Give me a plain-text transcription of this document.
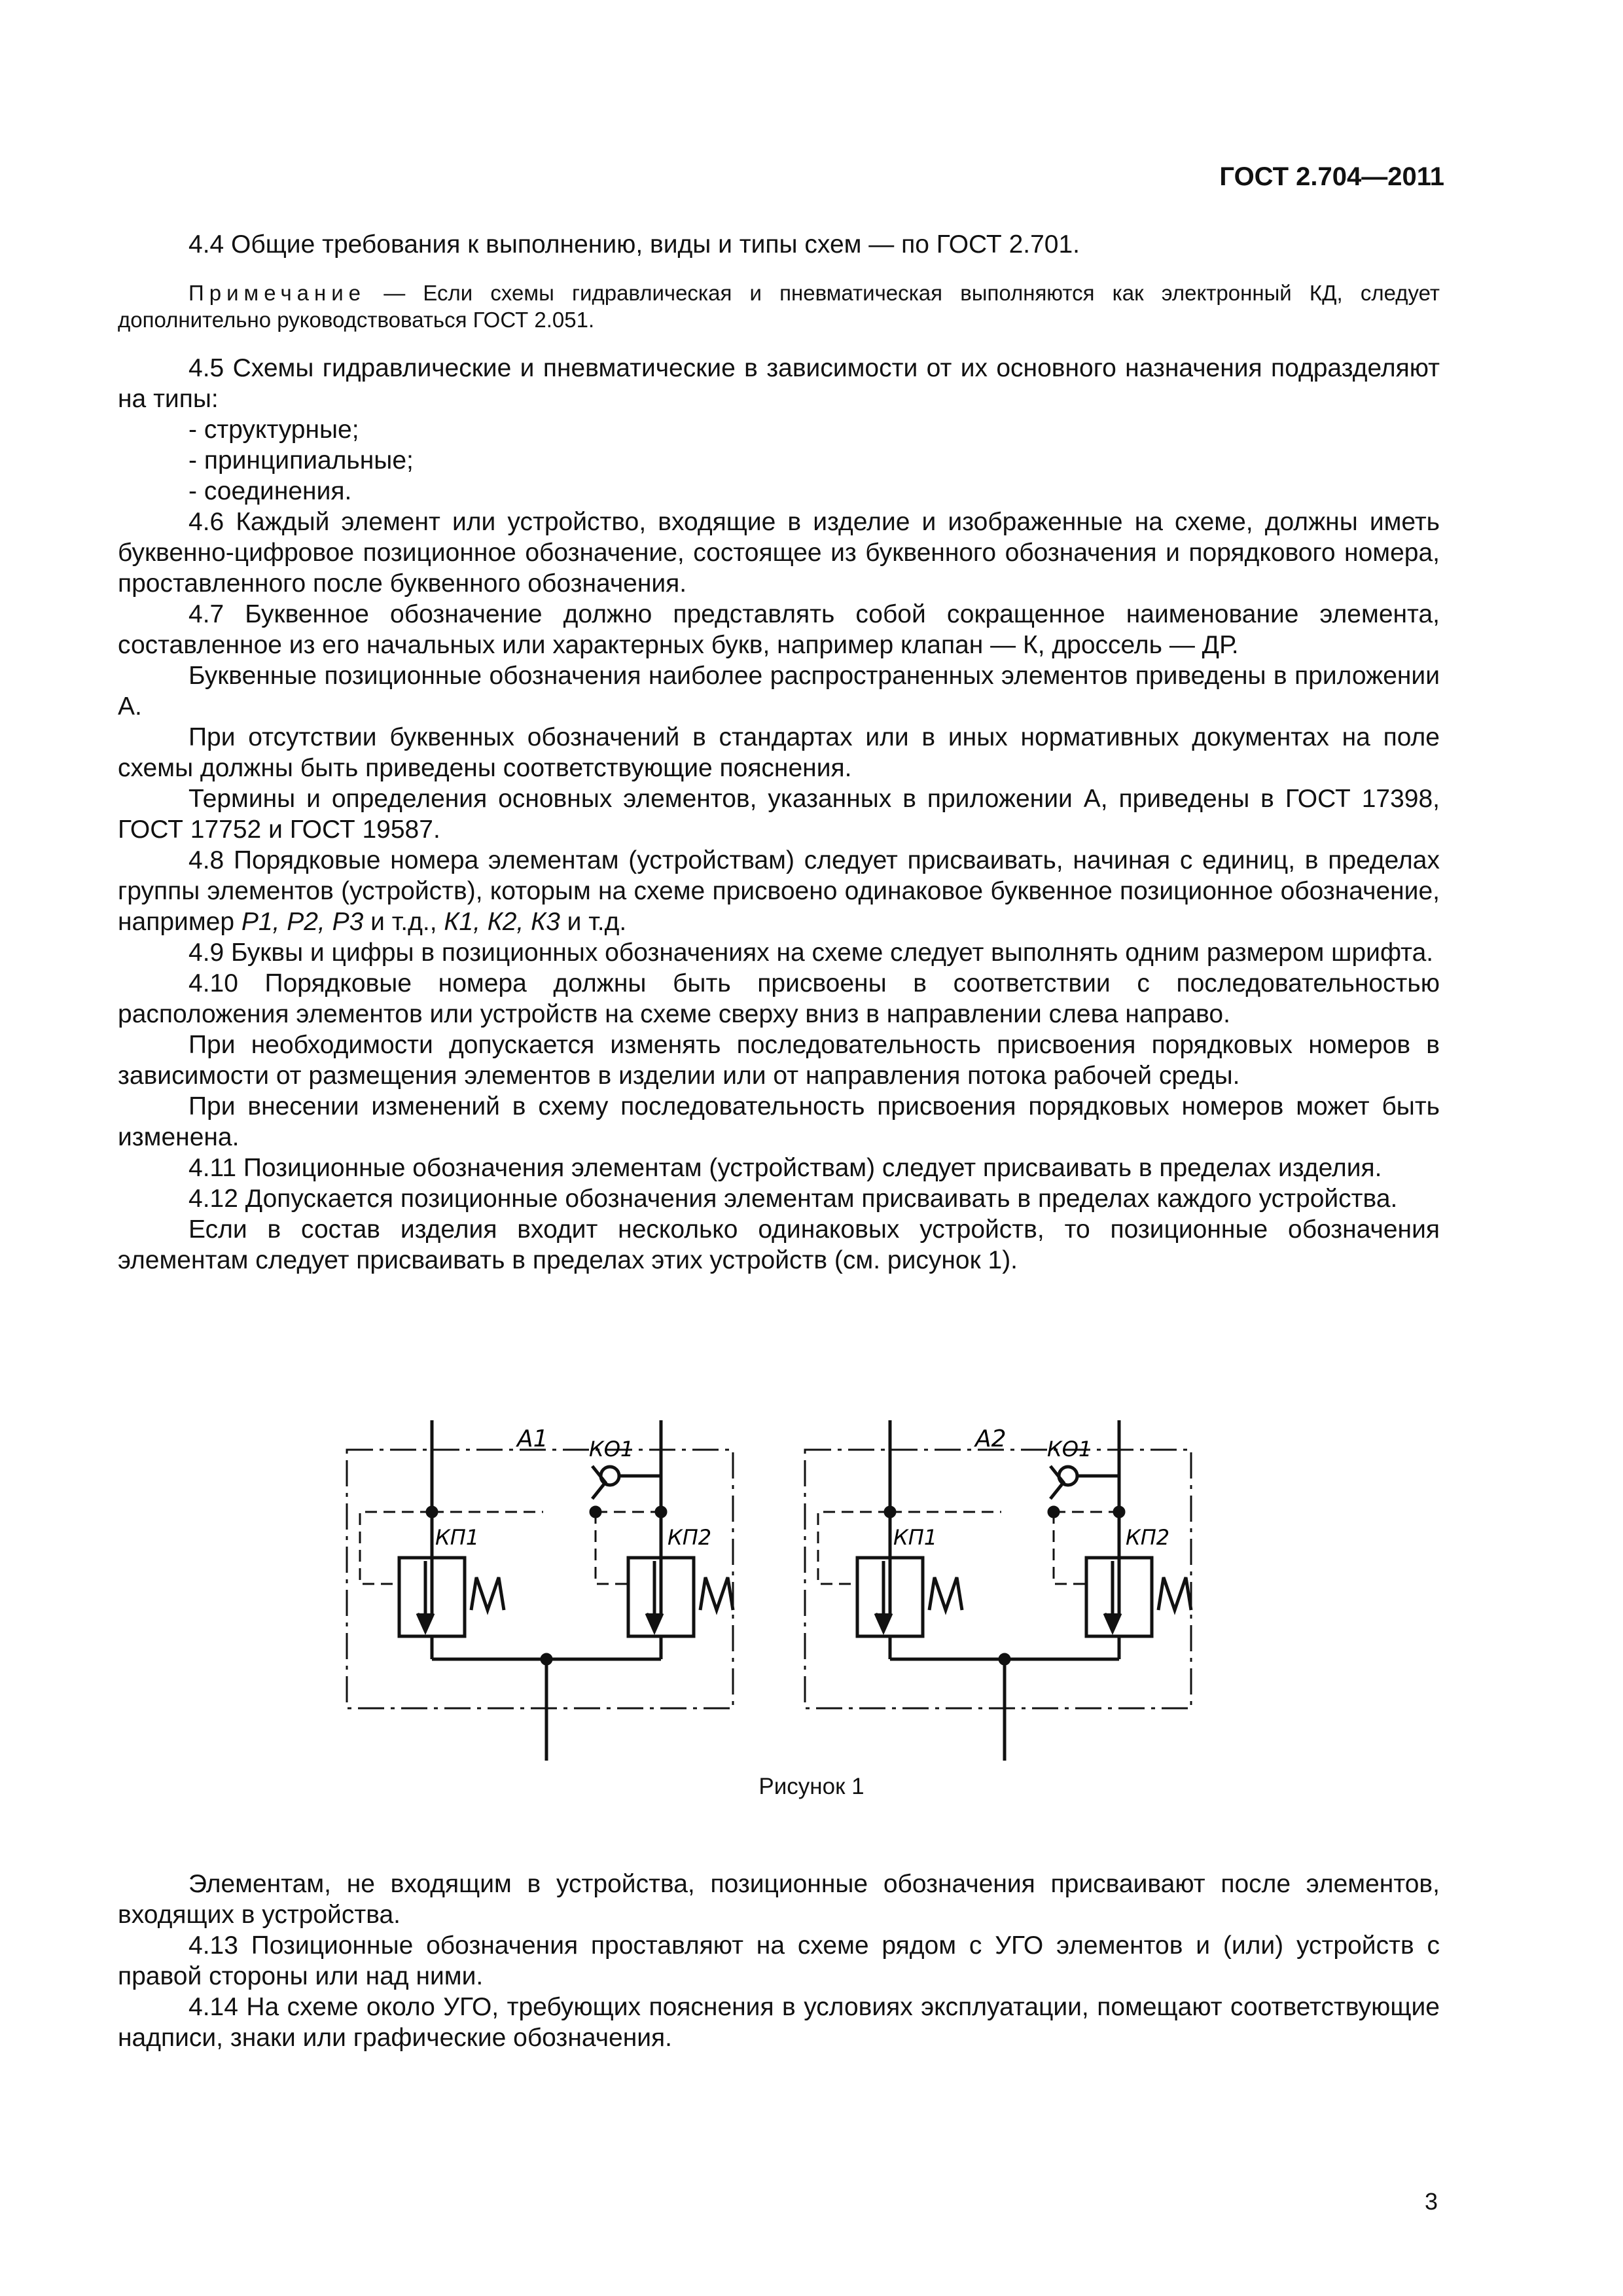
ГОСТ 2.704—2011

4.4 Общие требования к выполнению, виды и типы схем — по ГОСТ 2.701.

Примечание — Если схемы гидравлическая и пневматическая выполняются как электронный КД, следует дополнительно руководствоваться ГОСТ 2.051.

4.5 Схемы гидравлические и пневматические в зависимости от их основного назначения подразделяют на типы:

- структурные;

- принципиальные;

- соединения.

4.6 Каждый элемент или устройство, входящие в изделие и изображенные на схеме, должны иметь буквенно-цифровое позиционное обозначение, состоящее из буквенного обозначения и порядкового номера, проставленного после буквенного обозначения.

4.7 Буквенное обозначение должно представлять собой сокращенное наименование элемента, составленное из его начальных или характерных букв, например клапан — К, дроссель — ДР.

Буквенные позиционные обозначения наиболее распространенных элементов приведены в приложении А.

При отсутствии буквенных обозначений в стандартах или в иных нормативных документах на поле схемы должны быть приведены соответствующие пояснения.

Термины и определения основных элементов, указанных в приложении А, приведены в ГОСТ 17398, ГОСТ 17752 и ГОСТ 19587.

4.8 Порядковые номера элементам (устройствам) следует присваивать, начиная с единиц, в пределах группы элементов (устройств), которым на схеме присвоено одинаковое буквенное позиционное обозначение, например Р1, Р2, Р3 и т.д., К1, К2, К3 и т.д.

4.9 Буквы и цифры в позиционных обозначениях на схеме следует выполнять одним размером шрифта.

4.10 Порядковые номера должны быть присвоены в соответствии с последовательностью расположения элементов или устройств на схеме сверху вниз в направлении слева направо.

При необходимости допускается изменять последовательность присвоения порядковых номеров в зависимости от размещения элементов в изделии или от направления потока рабочей среды.

При внесении изменений в схему последовательность присвоения порядковых номеров может быть изменена.

4.11 Позиционные обозначения элементам (устройствам) следует присваивать в пределах изделия.

4.12 Допускается позиционные обозначения элементам присваивать в пределах каждого устройства.

Если в состав изделия входит несколько одинаковых устройств, то позиционные обозначения элементам следует присваивать в пределах этих устройств (см. рисунок 1).

А1 КО1
КП1	КП2
А2 КО1
КП1	КП2
Рисунок 1

Элементам, не входящим в устройства, позиционные обозначения присваивают после элементов, входящих в устройства.

4.13 Позиционные обозначения проставляют на схеме рядом с УГО элементов и (или) устройств с правой стороны или над ними.

4.14 На схеме около УГО, требующих пояснения в условиях эксплуатации, помещают соответствующие надписи, знаки или графические обозначения.

3
